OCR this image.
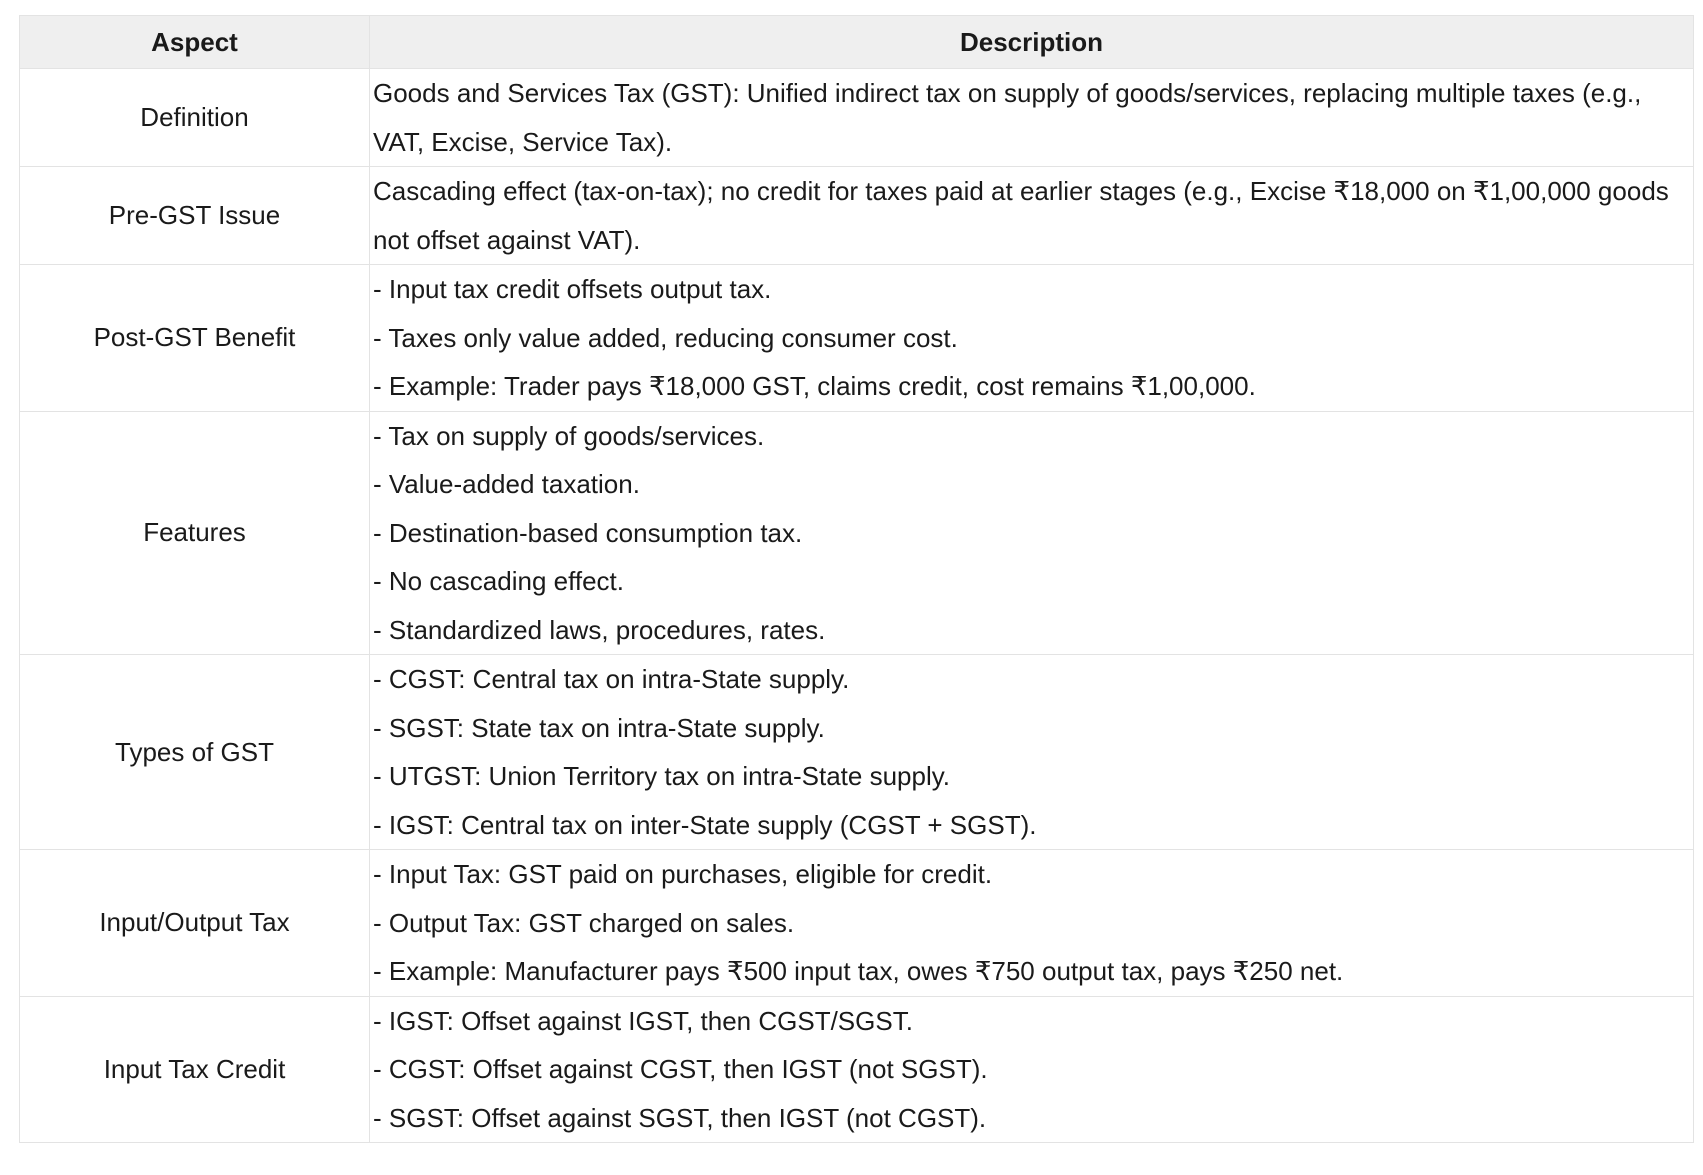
Aspect	Description
Definition	Goods and Services Tax (GST): Unified indirect tax on supply of goods/services, replacing multiple taxes (e.g., VAT, Excise, Service Tax).

Pre-GST Issue	Cascading effect (tax-on-tax); no credit for taxes paid at earlier stages (e.g., Excise ₹18,000 on ₹1,00,000 goods not offset against VAT).

Post-GST Benefit	- Input tax credit offsets output tax.
- Taxes only value added, reducing consumer cost.
- Example: Trader pays ₹18,000 GST, claims credit, cost remains ₹1,00,000.

Features	- Tax on supply of goods/services.
- Value-added taxation.
- Destination-based consumption tax.
- No cascading effect.
- Standardized laws, procedures, rates.

Types of GST	- CGST: Central tax on intra-State supply.
- SGST: State tax on intra-State supply.
- UTGST: Union Territory tax on intra-State supply.
- IGST: Central tax on inter-State supply (CGST + SGST).

Input/Output Tax	- Input Tax: GST paid on purchases, eligible for credit.
- Output Tax: GST charged on sales.
- Example: Manufacturer pays ₹500 input tax, owes ₹750 output tax, pays ₹250 net.

Input Tax Credit	- IGST: Offset against IGST, then CGST/SGST.
- CGST: Offset against CGST, then IGST (not SGST).
- SGST: Offset against SGST, then IGST (not CGST).
